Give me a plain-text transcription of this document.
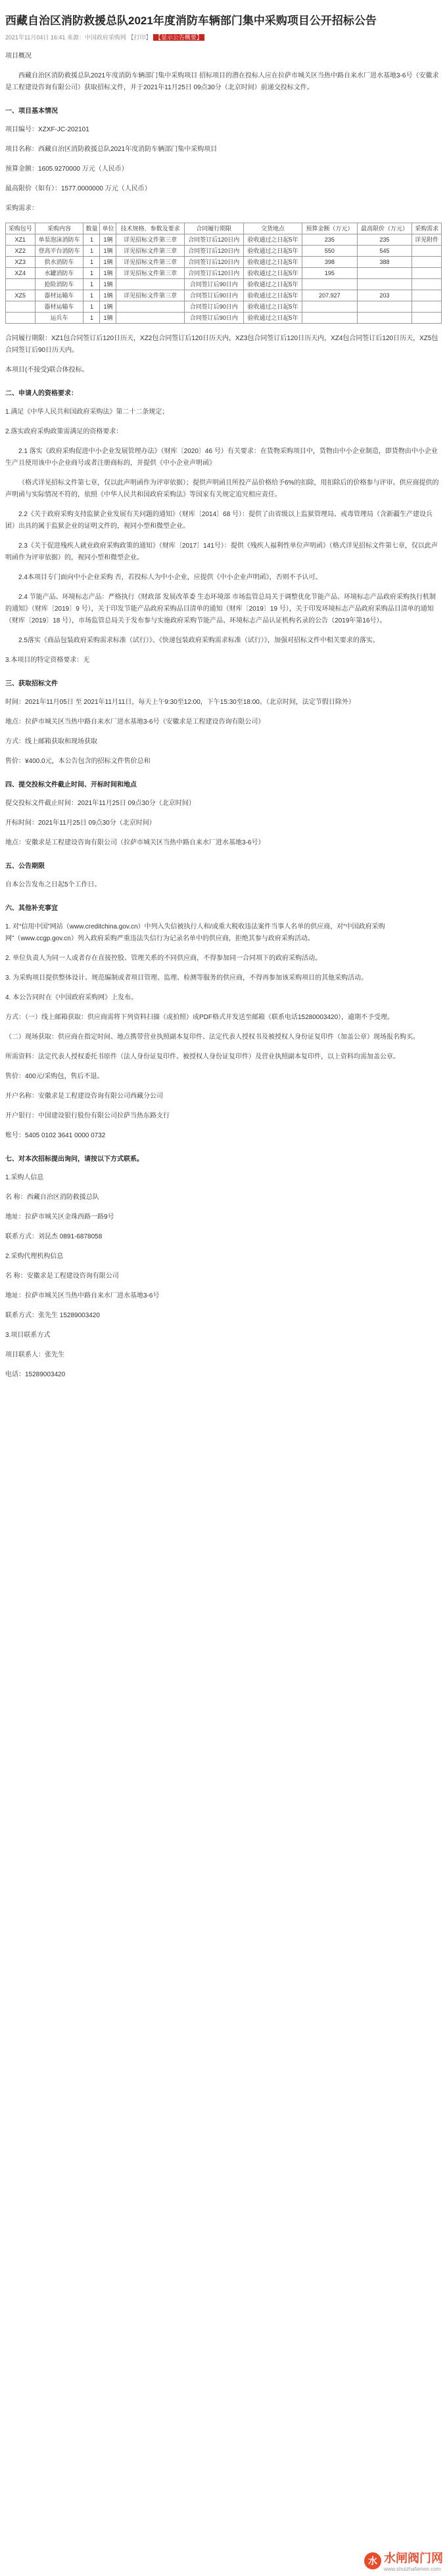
西藏自治区消防救援总队2021年度消防车辆部门集中采购项目公开招标公告
2021年11月04日 16:41 来源：中国政府采购网 【打印】 【显示公告概要】

项目概况

西藏自治区消防救援总队2021年度消防车辆部门集中采购项目 招标项目的潜在投标人应在拉萨市城关区当热中路自来水厂进水基地3-6号（安徽求是工程建设咨询有限公司）获取招标文件，并于2021年11月25日 09点30分（北京时间）前递交投标文件。

一、项目基本情况

项目编号：XZXF-JC-202101

项目名称：西藏自治区消防救援总队2021年度消防车辆部门集中采购项目

预算金额：1605.9270000 万元（人民币）

最高限价（如有）：1577.0000000 万元（人民币）

采购需求：

采购包号	采购内容	数量	单位	技术规格、参数及要求	合同履行期限	交货地点	预算金额（万元）	最高限价（万元）	采购需求
XZ1	单泵泡沫消防车	1	1辆	详见招标文件第三章	合同签订后120日内	验收通过之日起5年	235	235	详见附件
XZ2	登高平台消防车	1	1辆	详见招标文件第三章	合同签订后120日内	验收通过之日起5年	550	545	
XZ3	供水消防车	1	1辆	详见招标文件第三章	合同签订后120日内	验收通过之日起5年	398	388	
XZ4	水罐消防车	1	1辆	详见招标文件第三章	合同签订后120日内	验收通过之日起5年	195		
	抢险消防车	1	1辆		合同签订后90日内	验收通过之日起5年			
XZ5	器材运输车	1	1辆	详见招标文件第三章	合同签订后90日内	验收通过之日起5年	207.927	203	
	器材运输车	1	1辆		合同签订后90日内	验收通过之日起5年			
	运兵车	1	1辆		合同签订后90日内	验收通过之日起5年			

合同履行期限：XZ1包合同签订后120日历天，XZ2包合同签订后120日历天内，XZ3包合同签订后120日历天内，XZ4包合同签订后120日历天，XZ5包合同签订后90日历天内。

本项目(不接受)联合体投标。

二、申请人的资格要求：

1.满足《中华人民共和国政府采购法》第二十二条规定；

2.落实政府采购政策需满足的资格要求：

2.1 落实《政府采购促进中小企业发展管理办法》（财库〔2020〕46 号）有关要求：在货物采购项目中，货物由中小企业制造，即货物由中小企业生产且使用该中小企业商号或者注册商标的，并提供《中小企业声明函》

（格式详见招标文件第七章，仅以此声明函作为评审依据）；提供声明函且所投产品价格给予6%的扣除，用扣除后的价格参与评审。供应商提供的声明函与实际情况不符的，依照《中华人民共和国政府采购法》等国家有关规定追究相应责任。

2.2《关于政府采购支持监狱企业发展有关问题的通知》（财库〔2014〕68 号）：提供了由省级以上监狱管理局、戒毒管理局（含新疆生产建设兵团）出具的属于监狱企业的证明文件的，视同小型和微型企业。

2.3《关于促进残疾人就业政府采购政策的通知》（财库〔2017〕141号）：提供《残疾人福利性单位声明函》（格式详见招标文件第七章，仅以此声明函作为评审依据）的，视同小型和微型企业。

2.4本项目专门面向中小企业采购 否，若投标人为中小企业，应提供《中小企业声明函》，否则不予认可。

2.4 节能产品、环境标志产品：严格执行《财政部 发展改革委 生态环境部 市场监管总局关于调整优化节能产品、环境标志产品政府采购执行机制的通知》（财库〔2019〕9 号），关于印发节能产品政府采购品目清单的通知（财库〔2019〕19 号），关于印发环境标志产品政府采购品目清单的通知（财库〔2019〕18 号），市场监管总局关于发布参与实施政府采购节能产品、环境标志产品认证机构名录的公告（2019年第16号）。

2.5落实《商品包装政府采购需求标准（试行）》、《快递包装政府采购需求标准（试行）》，加强对招标文件中相关要求的落实。

3.本项目的特定资格要求：无

三、获取招标文件

时间：2021年11月05日 至 2021年11月11日，每天上午9:30至12:00，下午15:30至18:00。（北京时间，法定节假日除外）

地点：拉萨市城关区当热中路自来水厂进水基地3-6号（安徽求是工程建设咨询有限公司）

方式：线上邮箱获取和现场获取

售价：¥400.0元，本公告包含的招标文件售价总和

四、提交投标文件截止时间、开标时间和地点

提交投标文件截止时间：2021年11月25日 09点30分（北京时间）

开标时间：2021年11月25日 09点30分（北京时间）

地点：安徽求是工程建设咨询有限公司（拉萨市城关区当热中路自来水厂进水基地3-6号）

五、公告期限

自本公告发布之日起5个工作日。

六、其他补充事宜

1. 对“信用中国”网站（www.creditchina.gov.cn）中列入失信被执行人和/或重大税收违法案件当事人名单的供应商，对“中国政府采购网”（www.ccgp.gov.cn）列入政府采购严重违法失信行为记录名单中的供应商，拒绝其参与政府采购活动。

2. 单位负责人为同一人或者存在直接控股、管理关系的不同供应商，不得参加同一合同项下的政府采购活动。

3. 为采购项目提供整体设计、规范编制或者项目管理、监理、检测等服务的供应商，不得再参加该采购项目的其他采购活动。

4. 本公告同时在《中国政府采购网》上发布。

方式：（一）线上邮箱获取：供应商需将下列资料扫描（或拍照）成PDF格式并发送至邮箱（联系电话15280003420），逾期不予受理。

（二）现场获取：供应商在指定时间、地点携带营业执照副本复印件、法定代表人授权书及被授权人身份证复印件（加盖公章）现场报名购买。

所需资料：法定代表人授权委托书原件（法人身份证复印件、被授权人身份证复印件）及营业执照副本复印件，以上资料均需加盖公章。

售价：400元/采购包，售后不退。

开户名称：安徽求是工程建设咨询有限公司西藏分公司

开户银行：中国建设银行股份有限公司拉萨当热东路支行

账号：5405 0102 3641 0000 0732

七、对本次招标提出询问，请按以下方式联系。

1.采购人信息

名 称：西藏自治区消防救援总队

地址：拉萨市城关区金珠西路一路9号

联系方式：刘昆杰 0891-6878058

2.采购代理机构信息

名 称：安徽求是工程建设咨询有限公司

地址：拉萨市城关区当热中路自来水厂进水基地3-6号

联系方式：张先生 15289003420

3.项目联系方式

项目联系人：张先生

电话：15289003420

水 水闸阀门网
www.shuizhafamen.com
